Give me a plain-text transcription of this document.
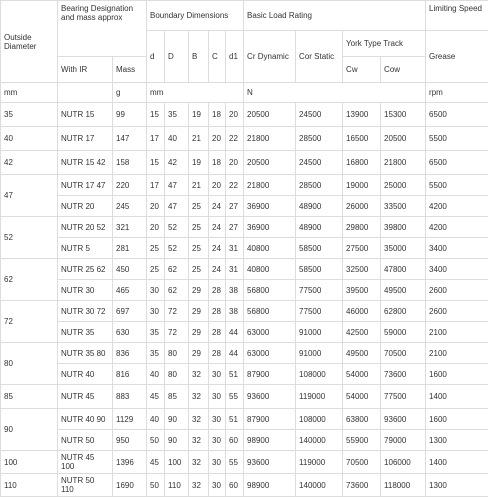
Outside Diameter	Bearing Designation and mass approx		Boundary Dimensions					Basic Load Rating				Limiting Speed
			d	D	B	C	d1	Cr Dynamic	Cor Static	York Type Track		Grease
	With IR	Mass								Cw	Cow	
mm		g	mm					N				rpm
35	NUTR 15	99	15	35	19	18	20	20500	24500	13900	15300	6500
40	NUTR 17	147	17	40	21	20	22	21800	28500	16500	20500	5500
42	NUTR 15 42	158	15	42	19	18	20	20500	24500	16800	21800	6500
47	NUTR 17 47	220	17	47	21	20	22	21800	28500	19000	25000	5500
	NUTR 20	245	20	47	25	24	27	36900	48900	26000	33500	4200
52	NUTR 20 52	321	20	52	25	24	27	36900	48900	29800	39800	4200
	NUTR 5	281	25	52	25	24	31	40800	58500	27500	35000	3400
62	NUTR 25 62	450	25	62	25	24	31	40800	58500	32500	47800	3400
	NUTR 30	465	30	62	29	28	38	56800	77500	39500	49500	2600
72	NUTR 30 72	697	30	72	29	28	38	56800	77500	46000	62800	2600
	NUTR 35	630	35	72	29	28	44	63000	91000	42500	59000	2100
80	NUTR 35 80	836	35	80	29	28	44	63000	91000	49500	70500	2100
	NUTR 40	816	40	80	32	30	51	87900	108000	54000	73600	1600
85	NUTR 45	883	45	85	32	30	55	93600	119000	54000	77500	1400
90	NUTR 40 90	1129	40	90	32	30	51	87900	108000	63800	93600	1600
	NUTR 50	950	50	90	32	30	60	98900	140000	55900	79000	1300
100	NUTR 45 100	1396	45	100	32	30	55	93600	119000	70500	106000	1400
110	NUTR 50 110	1690	50	110	32	30	60	98900	140000	73600	118000	1300
